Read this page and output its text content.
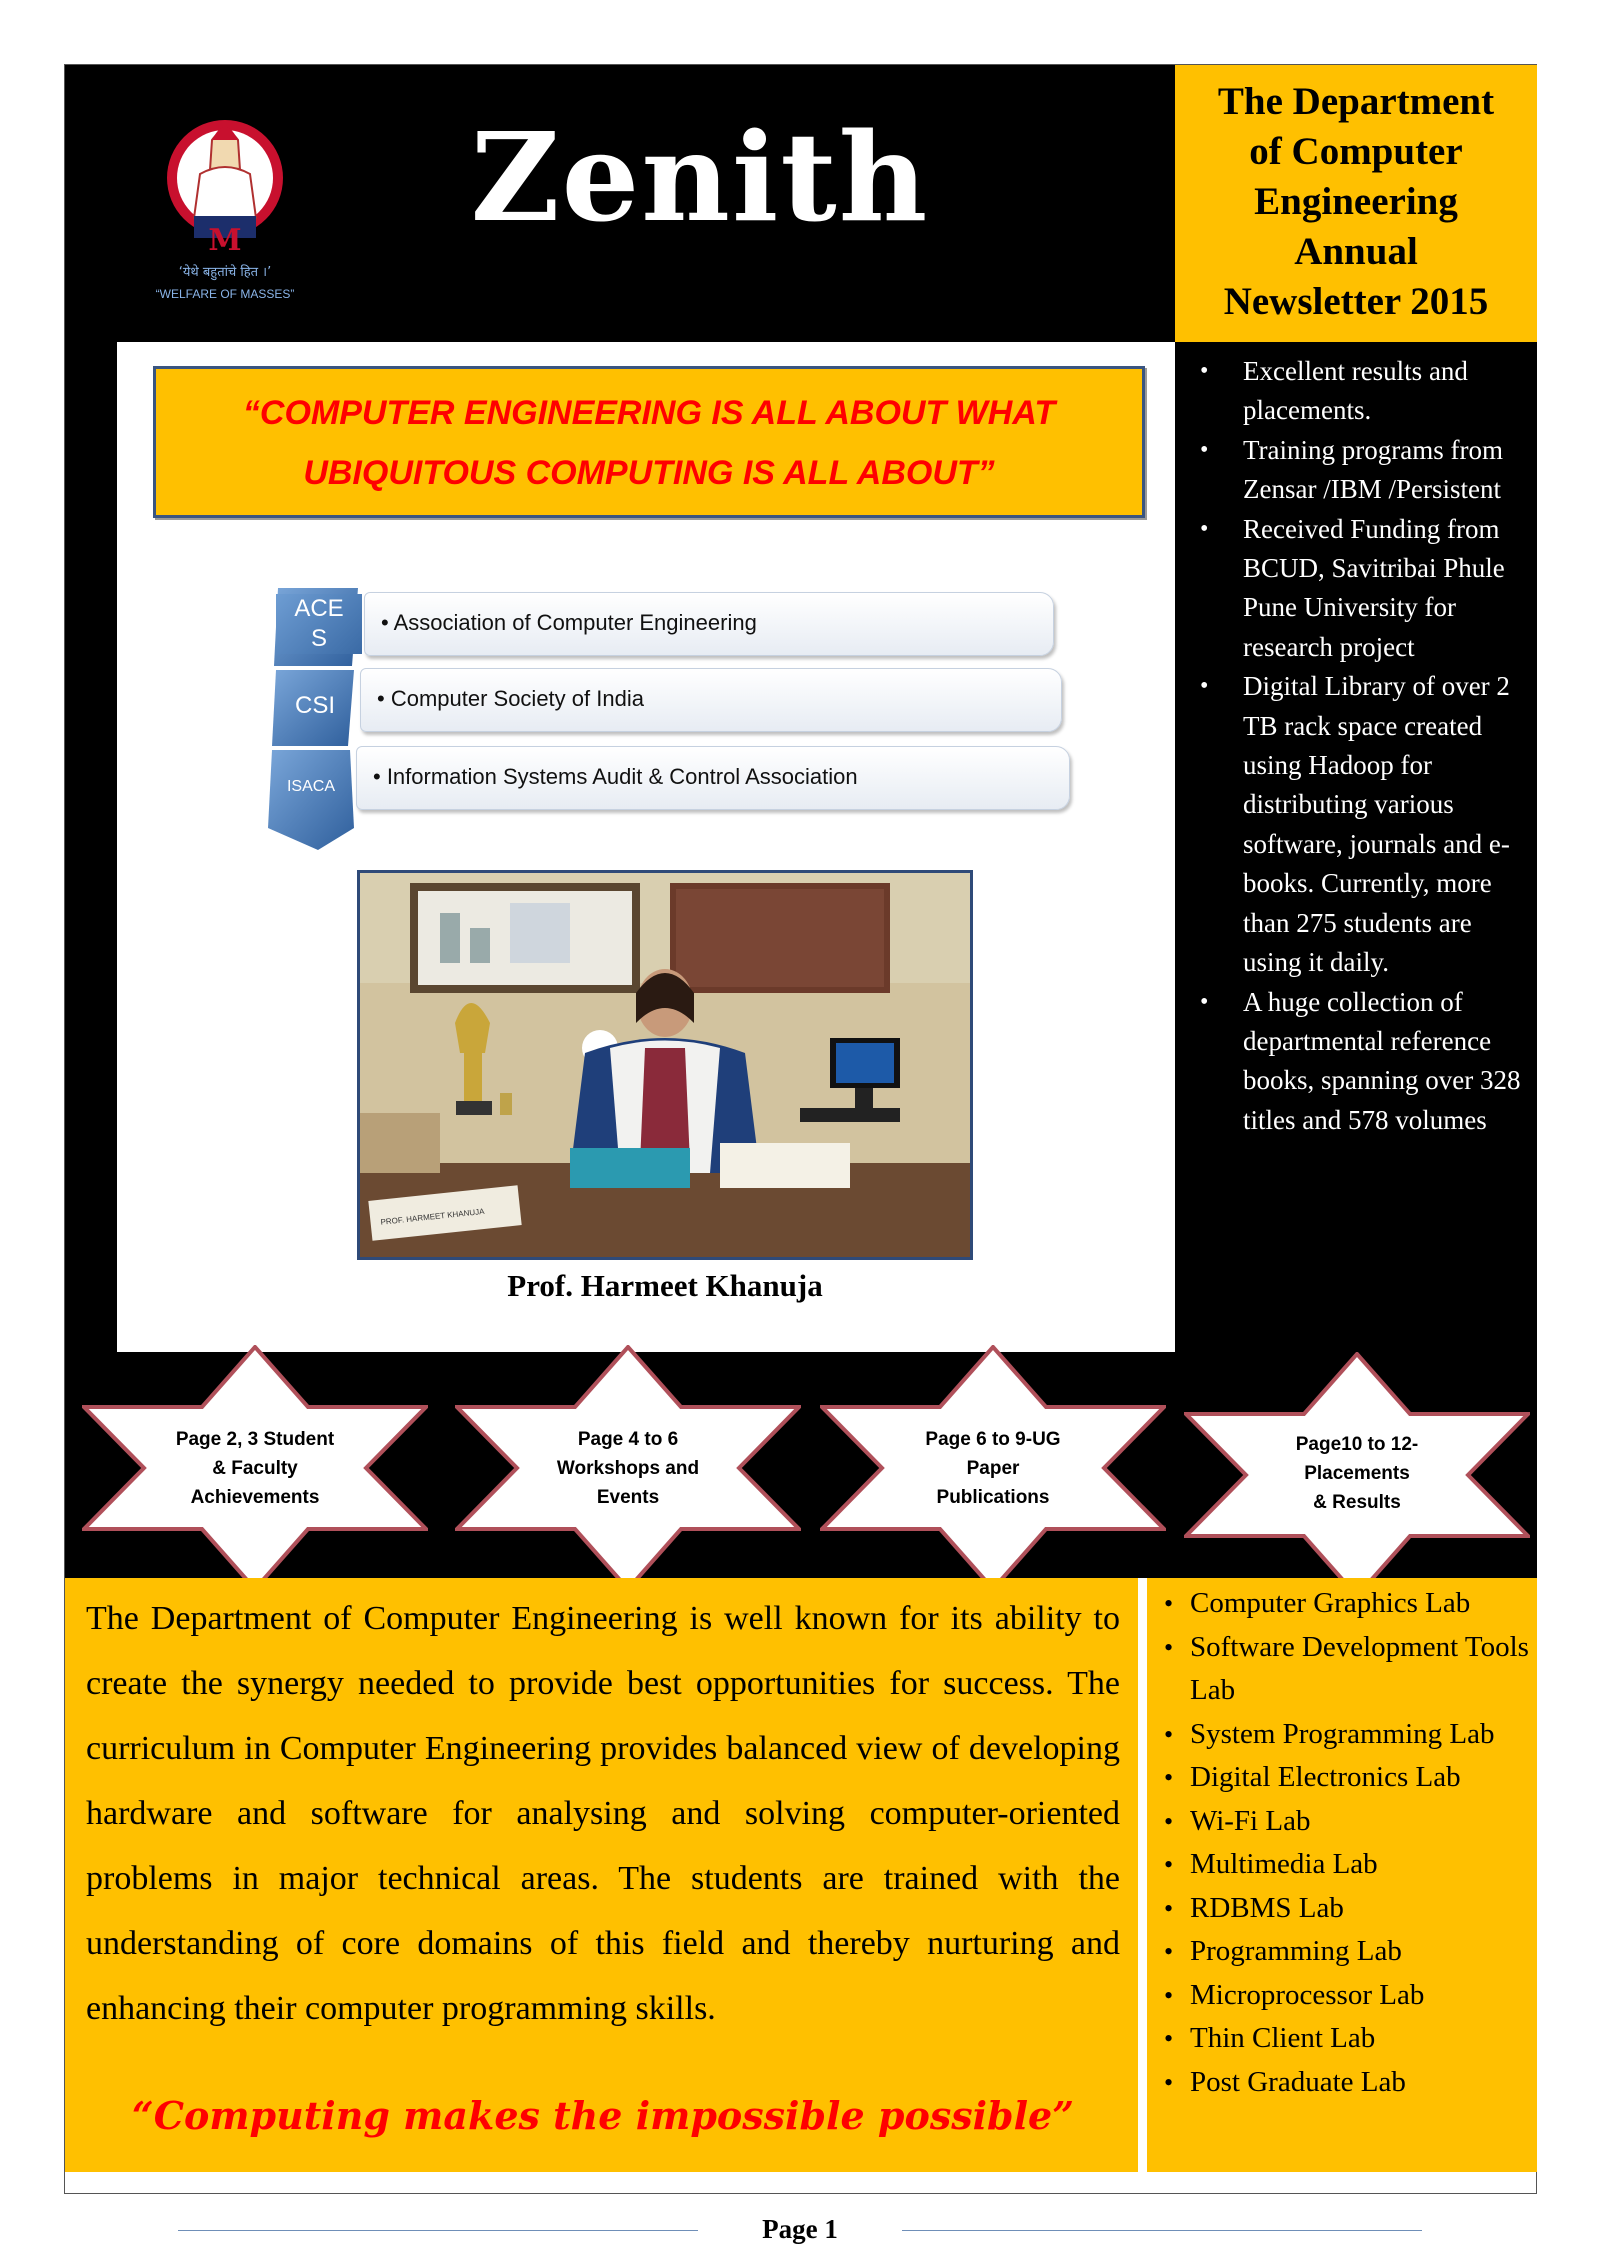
M
‘येथे बहुतांचे हित ।’
“WELFARE OF MASSES”
Zenith
The Department
of Computer
Engineering
Annual
Newsletter 2015
“COMPUTER ENGINEERING IS ALL ABOUT WHAT
UBIQUITOUS COMPUTING IS ALL ABOUT”
ACE
S
CSI
ISACA
• Association of Computer Engineering
• Computer Society of India
• Information Systems Audit & Control Association
PROF. HARMEET KHANUJA
Prof. Harmeet Khanuja
• Excellent results and placements.
• Training programs from Zensar /IBM /Persistent
• Received Funding from BCUD, Savitribai Phule Pune University for research project
• Digital Library of over 2 TB rack space created using Hadoop for distributing various software, journals and e-books. Currently, more than 275 students are using it daily.
• A huge collection of departmental reference books, spanning over 328 titles and 578 volumes
Page 2, 3 Student
& Faculty
Achievements
Page 4 to 6
Workshops and
Events
Page 6 to 9-UG Paper
Publications
Page10 to 12-
Placements
& Results

The Department of Computer Engineering is well known for its ability to create the synergy needed to provide best opportunities for success. The curriculum in Computer Engineering provides balanced view of developing hardware and software for analysing and solving computer-oriented problems in major technical areas. The students are trained with the understanding of core domains of this field and thereby nurturing and enhancing their computer programming skills.

“Computing makes the impossible possible”
• Computer Graphics Lab
• Software Development Tools Lab
• System Programming Lab
• Digital Electronics Lab
• Wi-Fi Lab
• Multimedia Lab
• RDBMS Lab
• Programming Lab
• Microprocessor Lab
• Thin Client Lab
• Post Graduate Lab
Page 1
